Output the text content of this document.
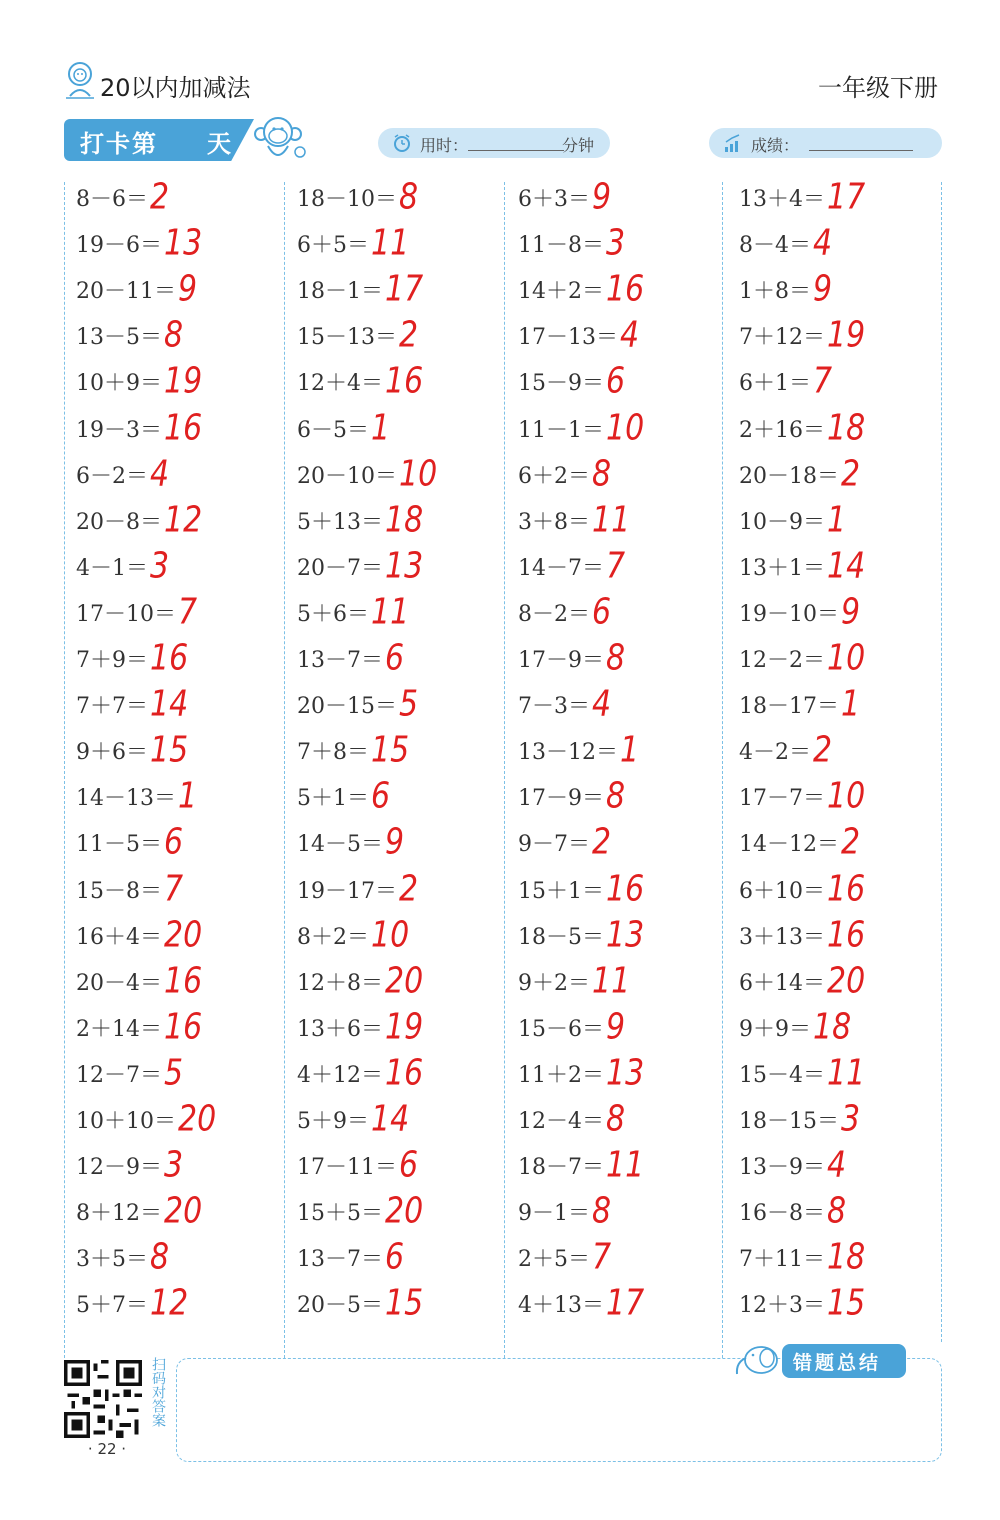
20以内加减法	一年级下册
打卡第 天	用时：	分钟	成绩：
8－6＝2
19－6＝13
20－11＝9
13－5＝8
10＋9＝19
19－3＝16
6－2＝4
20－8＝12
4－1＝3
17－10＝7
7＋9＝16
7＋7＝14
9＋6＝15
14－13＝1
11－5＝6
15－8＝7
16＋4＝20
20－4＝16
2＋14＝16
12－7＝5
10＋10＝20
12－9＝3
8＋12＝20
3＋5＝8
5＋7＝12
18－10＝8
6＋5＝11
18－1＝17
15－13＝2
12＋4＝16
6－5＝1
20－10＝10
5＋13＝18
20－7＝13
5＋6＝11
13－7＝6
20－15＝5
7＋8＝15
5＋1＝6
14－5＝9
19－17＝2
8＋2＝10
12＋8＝20
13＋6＝19
4＋12＝16
5＋9＝14
17－11＝6
15＋5＝20
13－7＝6
20－5＝15
6＋3＝9
11－8＝3
14＋2＝16
17－13＝4
15－9＝6
11－1＝10
6＋2＝8
3＋8＝11
14－7＝7
8－2＝6
17－9＝8
7－3＝4
13－12＝1
17－9＝8
9－7＝2
15＋1＝16
18－5＝13
9＋2＝11
15－6＝9
11＋2＝13
12－4＝8
18－7＝11
9－1＝8
2＋5＝7
4＋13＝17
13＋4＝17
8－4＝4
1＋8＝9
7＋12＝19
6＋1＝7
2＋16＝18
20－18＝2
10－9＝1
13＋1＝14
19－10＝9
12－2＝10
18－17＝1
4－2＝2
17－7＝10
14－12＝2
6＋10＝16
3＋13＝16
6＋14＝20
9＋9＝18
15－4＝11
18－15＝3
13－9＝4
16－8＝8
7＋11＝18
12＋3＝15
错题总结
扫码对答案
· 22 ·
